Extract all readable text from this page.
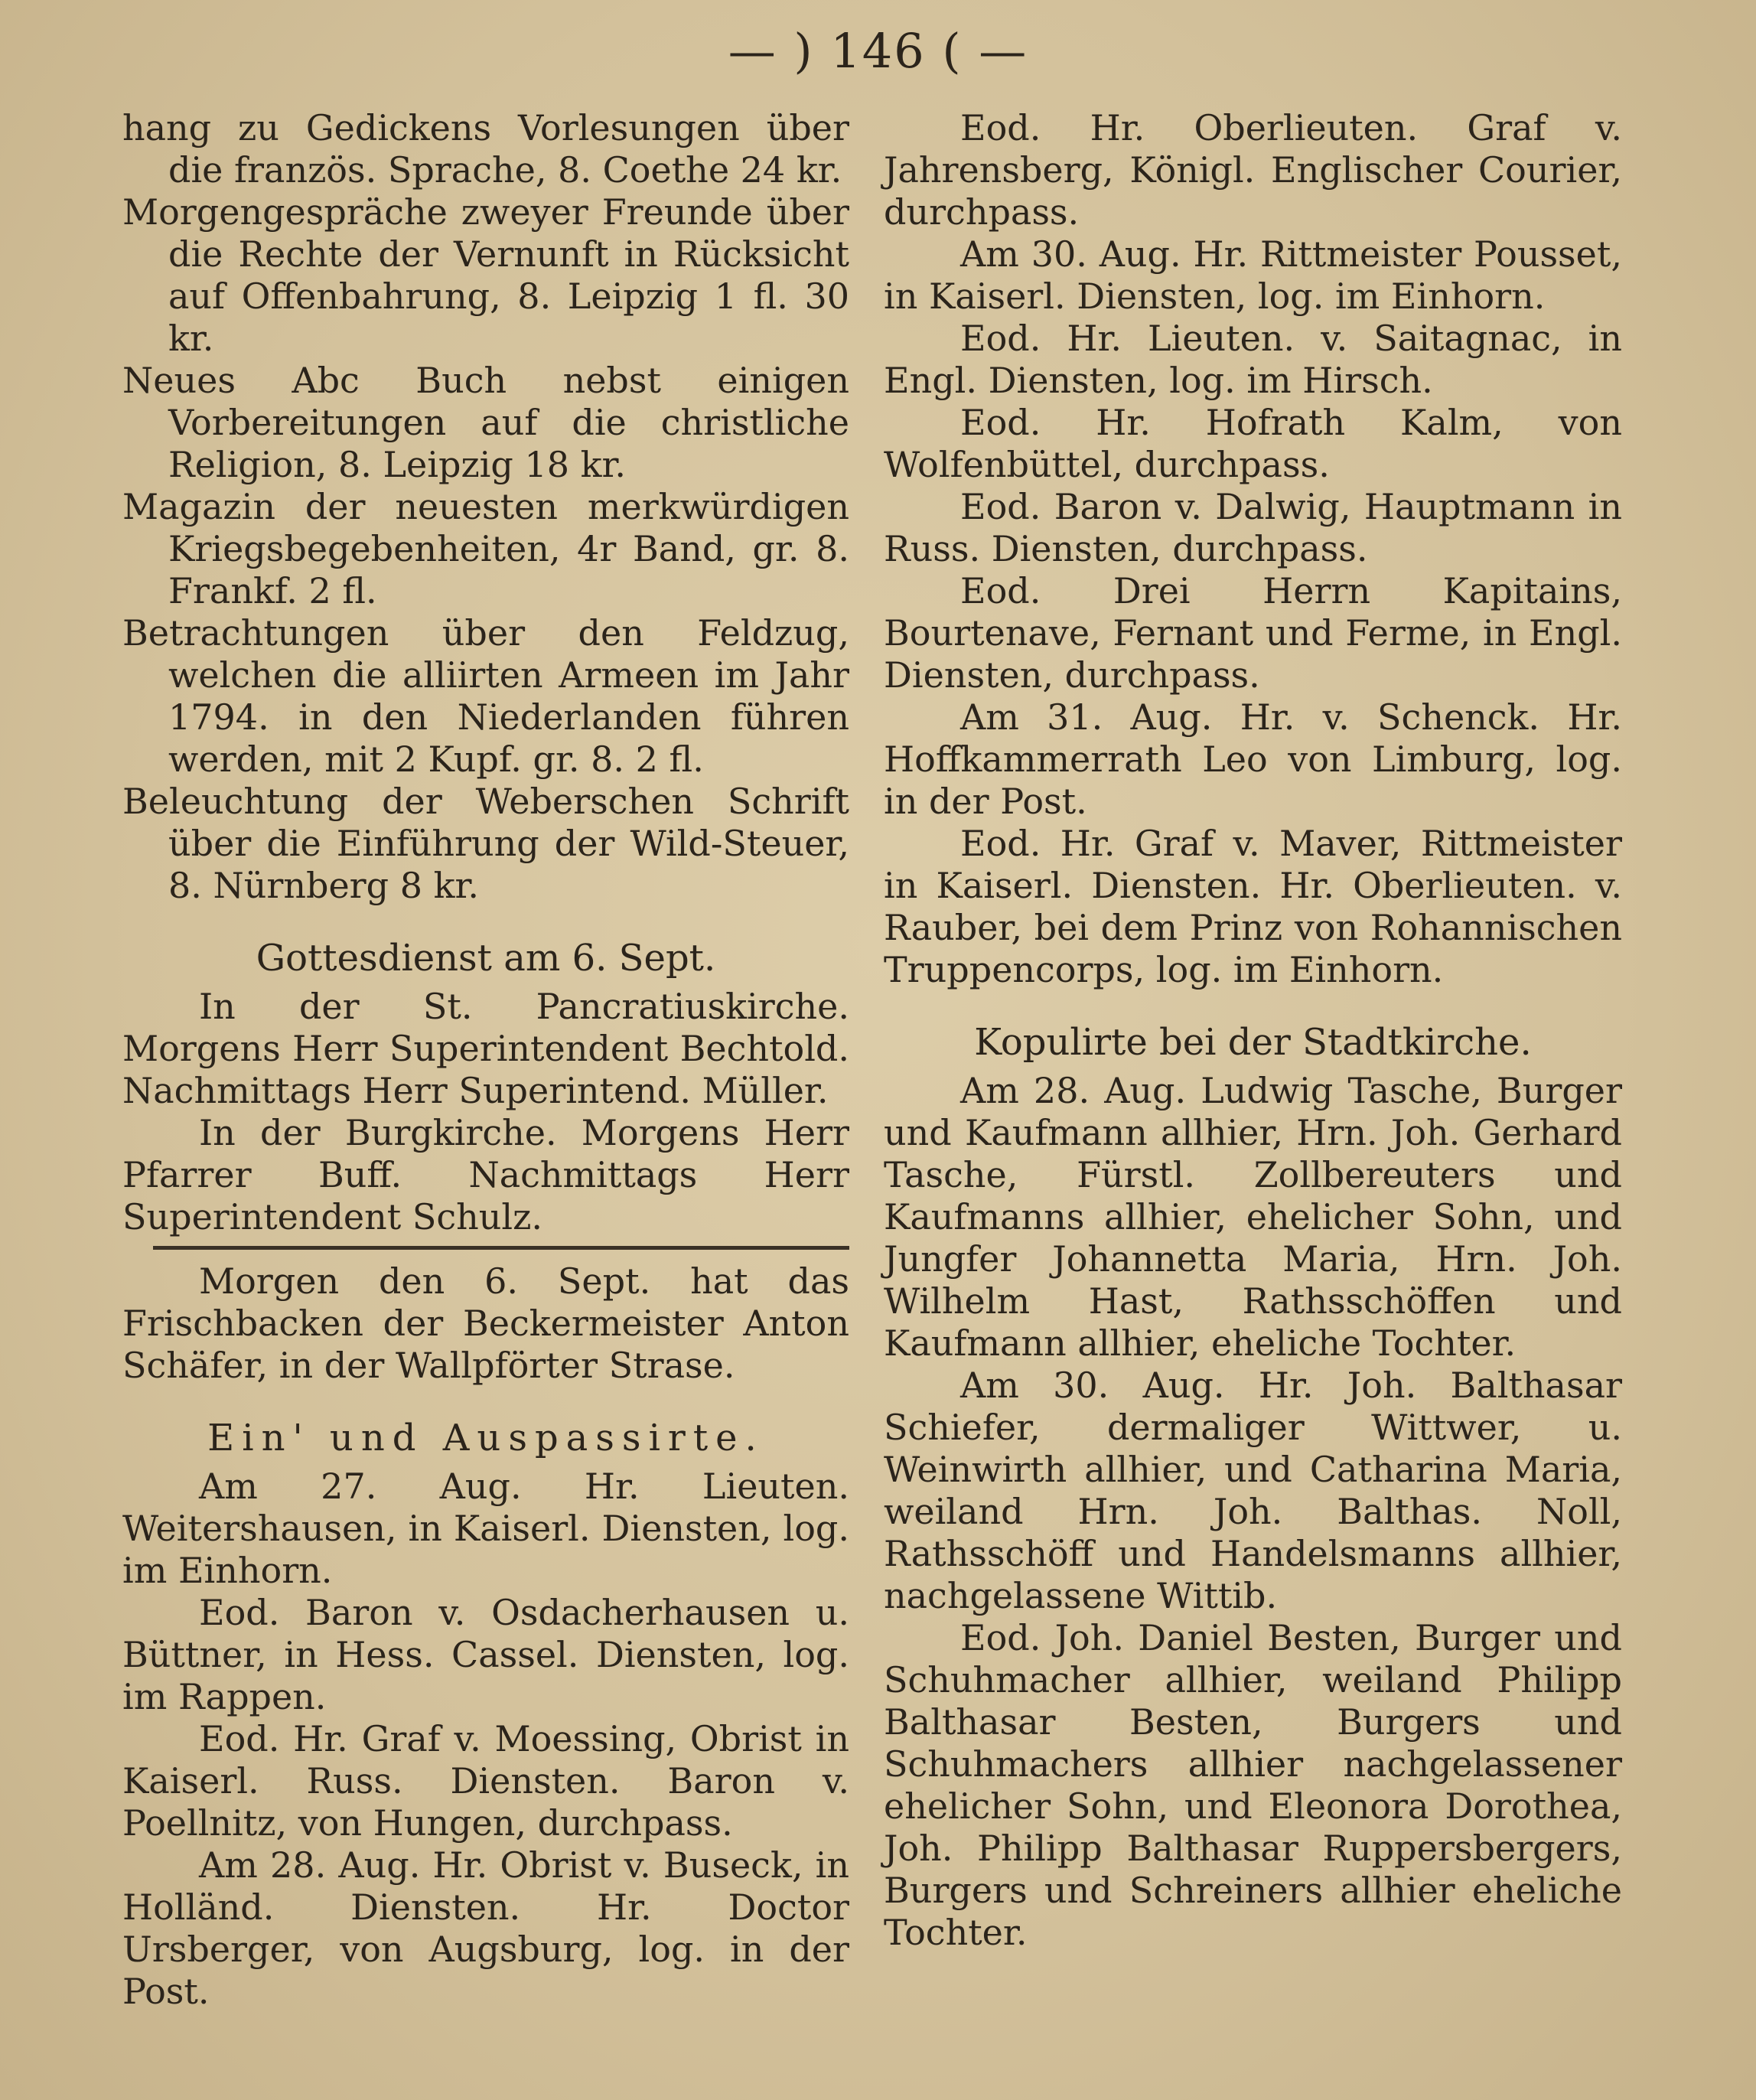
— ) 146 ( —

hang zu Gedickens Vorlesungen über die französ. Sprache, 8. Coethe 24 kr.

Morgengespräche zweyer Freunde über die Rechte der Vernunft in Rücksicht auf Offenbahrung, 8. Leipzig 1 fl. 30 kr.

Neues Abc Buch nebst einigen Vorbereitungen auf die christliche Religion, 8. Leipzig 18 kr.

Magazin der neuesten merkwürdigen Kriegsbegebenheiten, 4r Band, gr. 8. Frankf. 2 fl.

Betrachtungen über den Feldzug, welchen die alliirten Armeen im Jahr 1794. in den Niederlanden führen werden, mit 2 Kupf. gr. 8. 2 fl.

Beleuchtung der Weberschen Schrift über die Einführung der Wild-Steuer, 8. Nürnberg 8 kr.

Gottesdienst am 6. Sept.

In der St. Pancratiuskirche. Morgens Herr Superintendent Bechtold. Nachmittags Herr Superintend. Müller.

In der Burgkirche. Morgens Herr Pfarrer Buff. Nachmittags Herr Superintendent Schulz.

Morgen den 6. Sept. hat das Frischbacken der Beckermeister Anton Schäfer, in der Wallpförter Strase.

Ein' und Auspassirte.

Am 27. Aug. Hr. Lieuten. Weitershausen, in Kaiserl. Diensten, log. im Einhorn.

Eod. Baron v. Osdacherhausen u. Büttner, in Hess. Cassel. Diensten, log. im Rappen.

Eod. Hr. Graf v. Moessing, Obrist in Kaiserl. Russ. Diensten. Baron v. Poellnitz, von Hungen, durchpass.

Am 28. Aug. Hr. Obrist v. Buseck, in Holländ. Diensten. Hr. Doctor Ursberger, von Augsburg, log. in der Post.

Eod. Hr. Oberlieuten. Graf v. Jahrensberg, Königl. Englischer Courier, durchpass.

Am 30. Aug. Hr. Rittmeister Pousset, in Kaiserl. Diensten, log. im Einhorn.

Eod. Hr. Lieuten. v. Saitagnac, in Engl. Diensten, log. im Hirsch.

Eod. Hr. Hofrath Kalm, von Wolfenbüttel, durchpass.

Eod. Baron v. Dalwig, Hauptmann in Russ. Diensten, durchpass.

Eod. Drei Herrn Kapitains, Bourtenave, Fernant und Ferme, in Engl. Diensten, durchpass.

Am 31. Aug. Hr. v. Schenck. Hr. Hoffkammerrath Leo von Limburg, log. in der Post.

Eod. Hr. Graf v. Maver, Rittmeister in Kaiserl. Diensten. Hr. Oberlieuten. v. Rauber, bei dem Prinz von Rohannischen Truppencorps, log. im Einhorn.

Kopulirte bei der Stadtkirche.

Am 28. Aug. Ludwig Tasche, Burger und Kaufmann allhier, Hrn. Joh. Gerhard Tasche, Fürstl. Zollbereuters und Kaufmanns allhier, ehelicher Sohn, und Jungfer Johannetta Maria, Hrn. Joh. Wilhelm Hast, Rathsschöffen und Kaufmann allhier, eheliche Tochter.

Am 30. Aug. Hr. Joh. Balthasar Schiefer, dermaliger Wittwer, u. Weinwirth allhier, und Catharina Maria, weiland Hrn. Joh. Balthas. Noll, Rathsschöff und Handelsmanns allhier, nachgelassene Wittib.

Eod. Joh. Daniel Besten, Burger und Schuhmacher allhier, weiland Philipp Balthasar Besten, Burgers und Schuhmachers allhier nachgelassener ehelicher Sohn, und Eleonora Dorothea, Joh. Philipp Balthasar Ruppersbergers, Burgers und Schreiners allhier eheliche Tochter.
